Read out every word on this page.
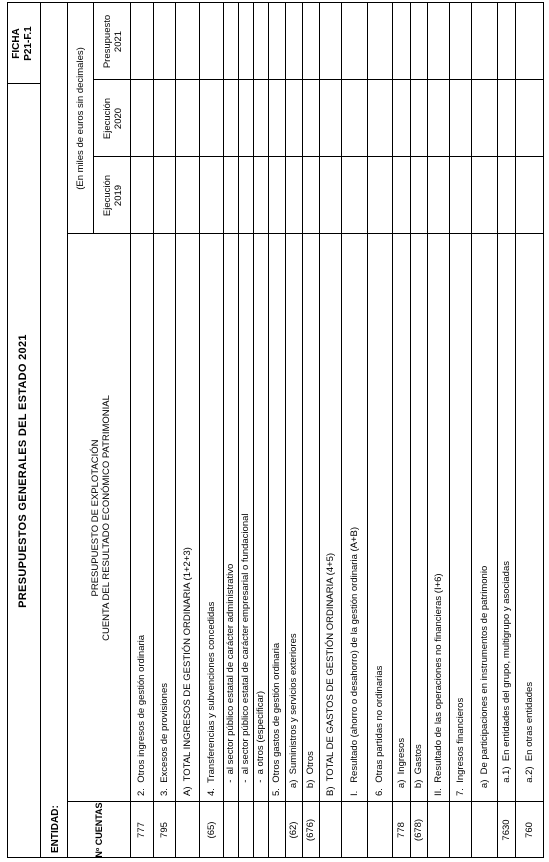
PRESUPUESTOS GENERALES DEL ESTADO 2021
FICHA P21-F.1
ENTIDAD:	Nº CUENTAS
PRESUPUESTO DE EXPLOTACIÓN CUENTA DEL RESULTADO ECONÓMICO PATRIMONIAL
(En miles de euros sin decimales)
Ejecución 2019
Ejecución 2020
Presupuesto 2021
777
2.  Otros ingresos de gestión ordinaria
795
3.  Excesos de provisiones A)  TOTAL INGRESOS DE GESTIÓN ORDINARIA (1+2+3)
(65)
4.  Transferencias y subvenciones concedidas -  al sector público estatal de carácter administrativo -  al sector público estatal de carácter empresarial o fundacional -  a otros (especificar) 5.  Otros gastos de gestión ordinaria
(62)
a)  Suministros y servicios exteriores
(676)
b)  Otros B)  TOTAL DE GASTOS DE GESTIÓN ORDINARIA (4+5) I.   Resultado (ahorro o desahorro) de la gestión ordinaria (A+B) 6.  Otras partidas no ordinarias
778
a)  Ingresos
(678)
b)  Gastos II.  Resultado de las operaciones no financieras (I+6) 7.  Ingresos financieros a)  De participaciones en instrumentos de patrimonio
7630
a.1)  En entidades del grupo, multigrupo y asociadas
760
a.2)  En otras entidades
